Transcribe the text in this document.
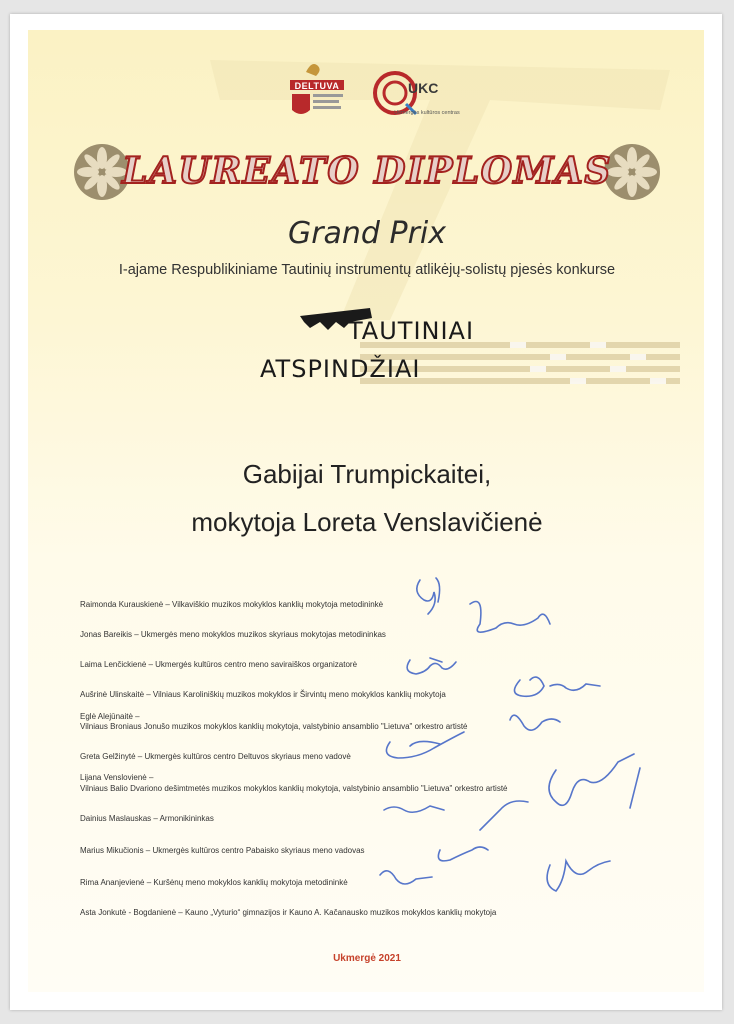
DELTUVA	UKC
Ukmergės kultūros centras
LAUREATO DIPLOMAS
Grand Prix
I-ajame Respublikiniame Tautinių instrumentų atlikėjų-solistų pjesės konkurse
TAUTINIAI
ATSPINDŽIAI
Gabijai Trumpickaitei,
mokytoja Loreta Venslavičienė
Raimonda Kurauskienė – Vilkaviškio muzikos mokyklos kanklių mokytoja metodininkė
Jonas Bareikis – Ukmergės meno mokyklos muzikos skyriaus mokytojas metodininkas
Laima Lenčickienė – Ukmergės kultūros centro meno saviraiškos organizatorė
Aušrinė Ulinskaitė – Vilniaus Karoliniškių muzikos mokyklos ir Širvintų meno mokyklos kanklių mokytoja
Eglė Alejūnaitė –
Vilniaus Broniaus Jonušo muzikos mokyklos kanklių mokytoja, valstybinio ansamblio "Lietuva" orkestro artistė
Greta Gelžinytė – Ukmergės kultūros centro Deltuvos skyriaus meno vadovė
Lijana Venslovienė –
Vilniaus Balio Dvariono dešimtmetės muzikos mokyklos kanklių mokytoja, valstybinio ansamblio "Lietuva" orkestro artistė
Dainius Maslauskas – Armonikininkas
Marius Mikučionis – Ukmergės kultūros centro Pabaisko skyriaus meno vadovas
Rima Ananjevienė – Kuršėnų meno mokyklos kanklių mokytoja metodininkė
Asta Jonkutė - Bogdanienė – Kauno „Vyturio“ gimnazijos ir Kauno A. Kačanausko muzikos mokyklos kanklių mokytoja
Ukmergė 2021
